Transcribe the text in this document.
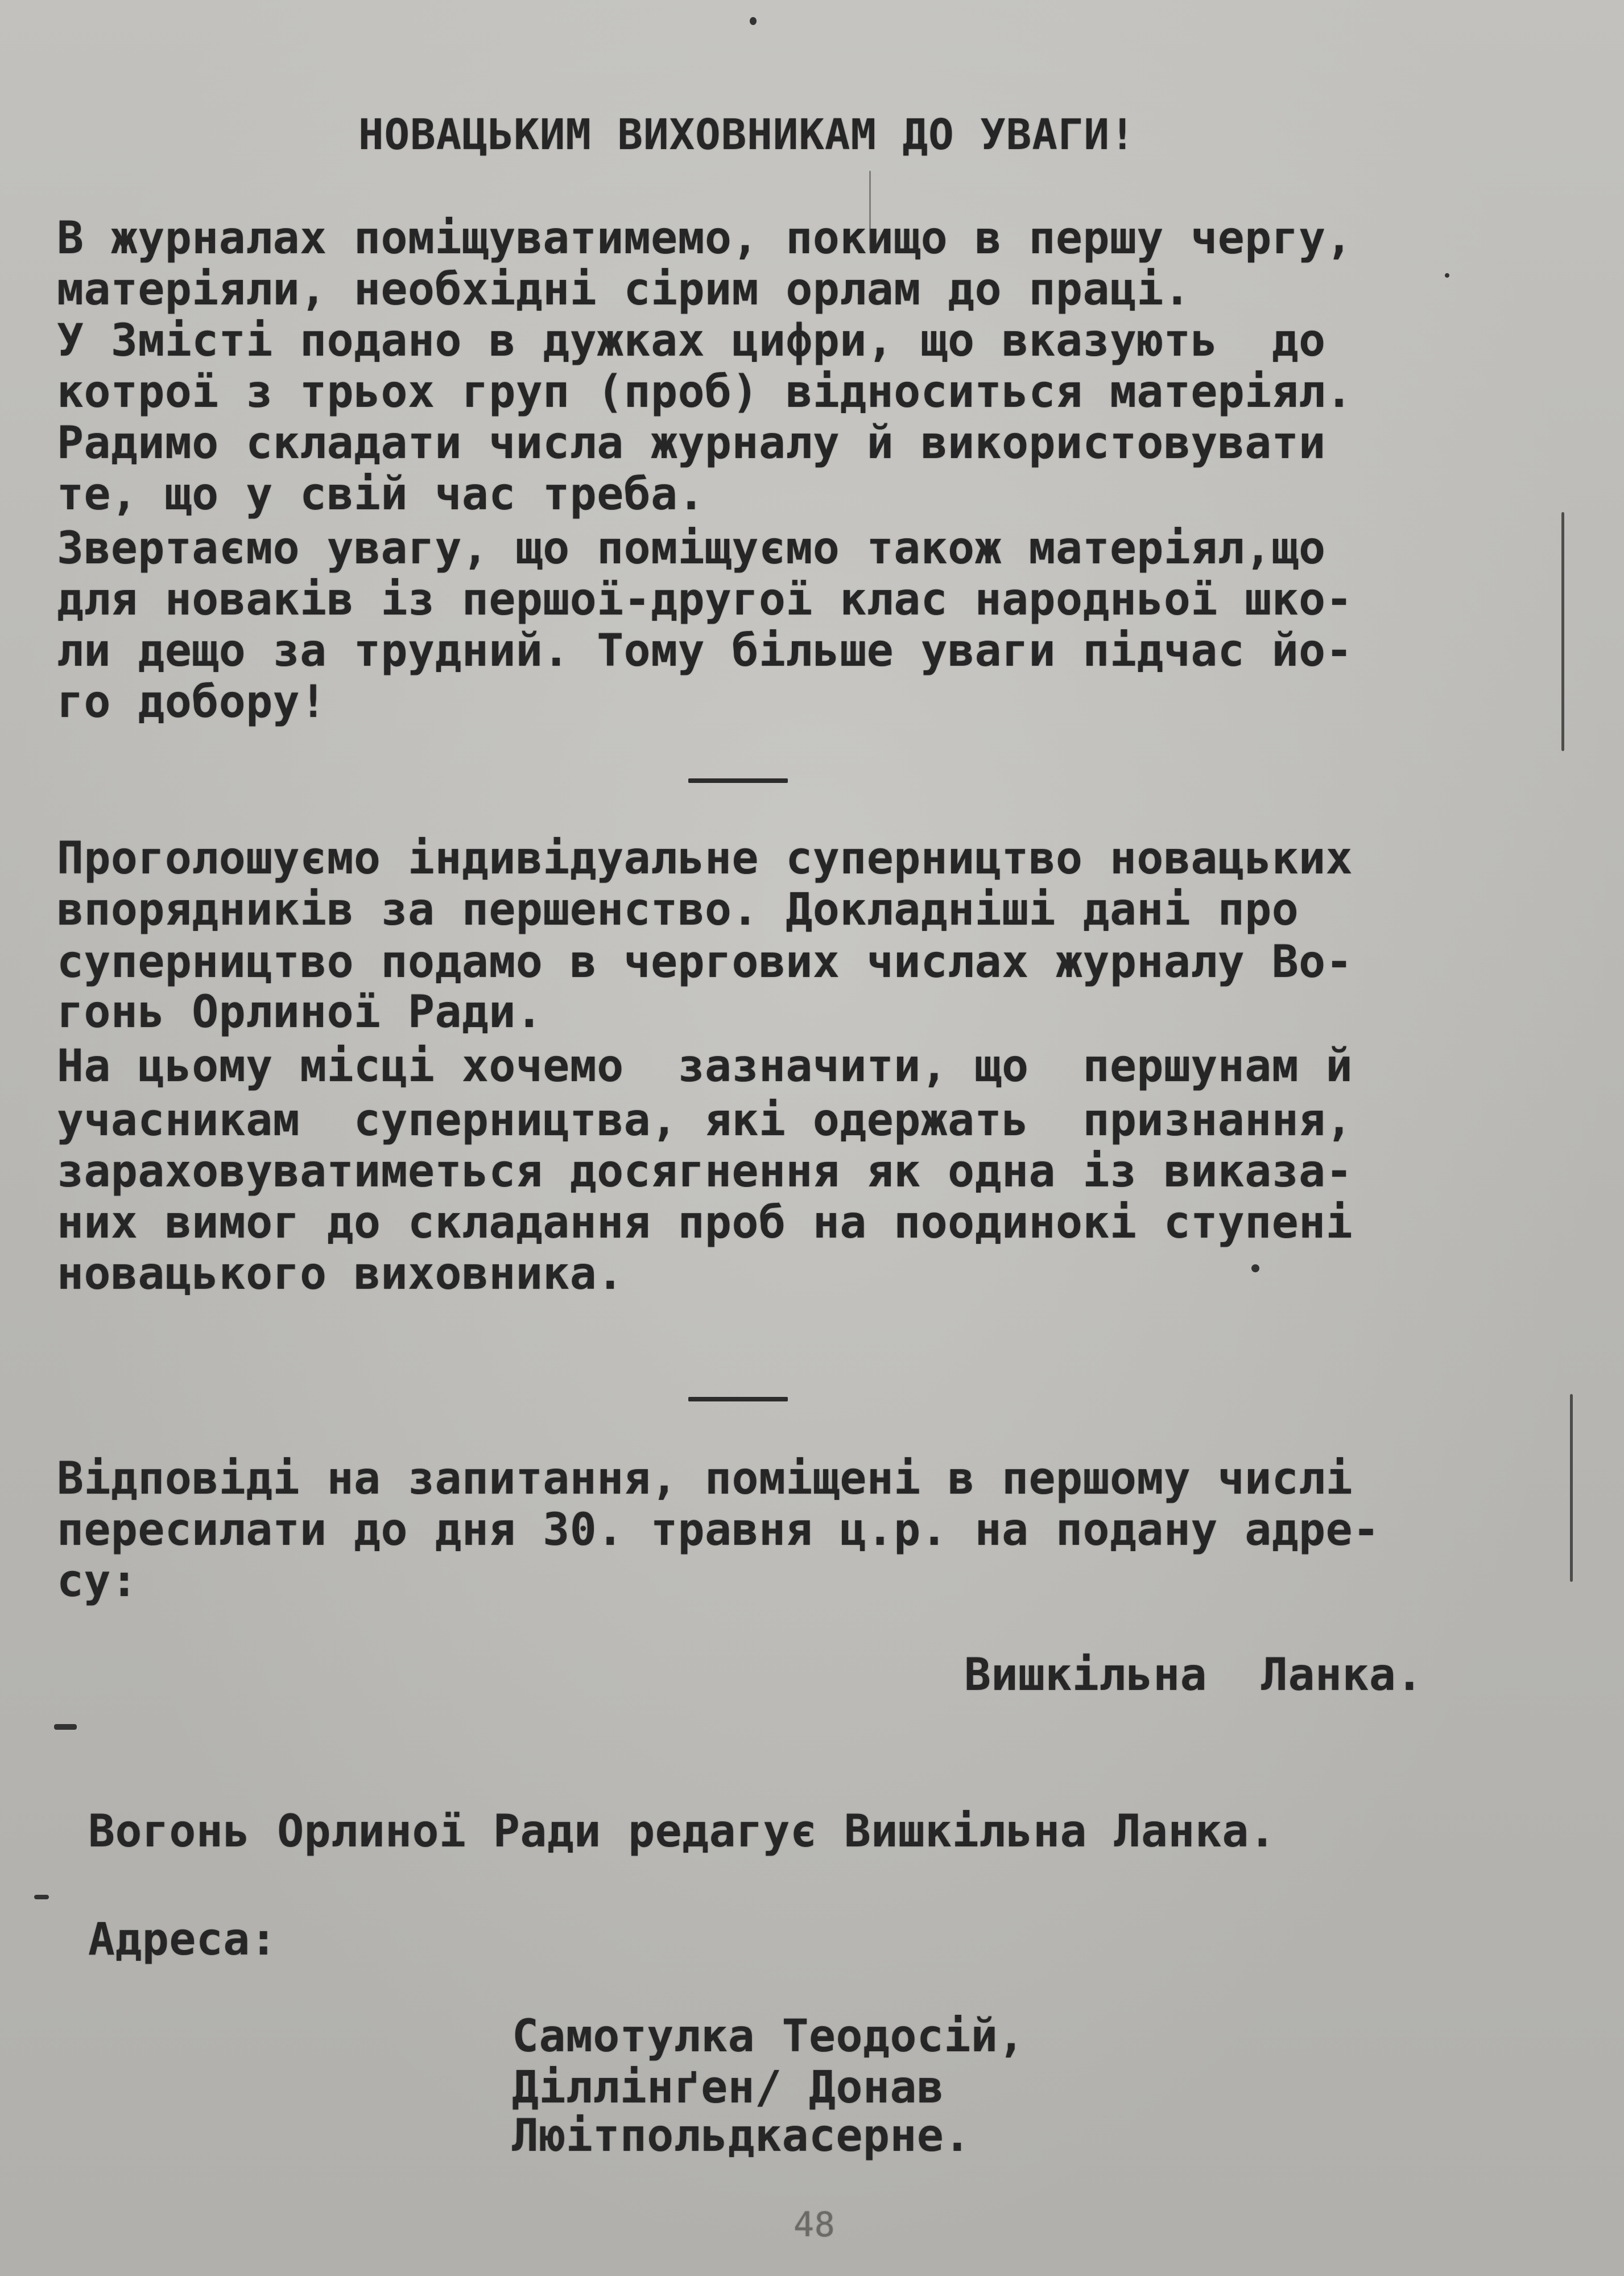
НОВАЦЬКИМ ВИХОВНИКАМ ДО УВАГИ!
В журналах поміщуватимемо, покищо в першу чергу,
матеріяли, необхідні сірим орлам до праці.
У Змісті подано в дужках цифри, що вказують  до
котрої з трьох груп (проб) відноситься матеріял.
Радимо складати числа журналу й використовувати
те, що у свій час треба.
Звертаємо увагу, що поміщуємо також матеріял,що
для новаків із першої-другої клас народньої шко-
ли дещо за трудний. Тому більше уваги підчас йо-
го добору!
Проголошуємо індивідуальне суперництво новацьких
впорядників за першенство. Докладніші дані про
суперництво подамо в чергових числах журналу Во-
гонь Орлиної Ради.
На цьому місці хочемо  зазначити, що  першунам й
учасникам  суперництва, які одержать  признання,
зараховуватиметься досягнення як одна із виказа-
них вимог до складання проб на поодинокі ступені
новацького виховника.
Відповіді на запитання, поміщені в першому числі
пересилати до дня 30. травня ц.р. на подану адре-
су:
Вишкільна  Ланка.
Вогонь Орлиної Ради редагує Вишкільна Ланка.
Адреса:
Самотулка Теодосій,
Діллінґен/ Донав
Люітпольдкасерне.
48
